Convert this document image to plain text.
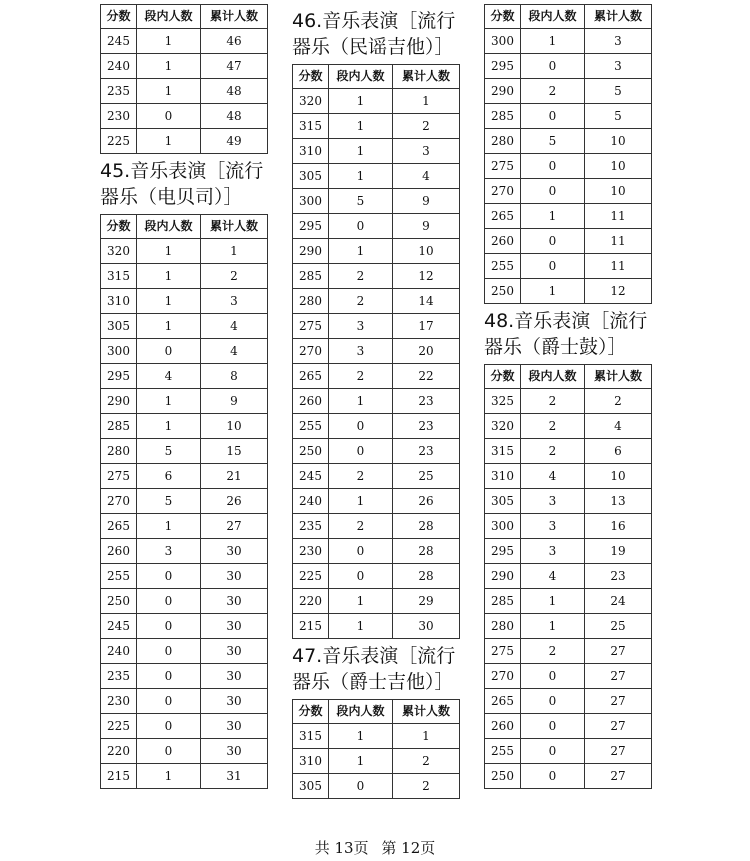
分数	段内人数	累计人数
245	1	46
240	1	47
235	1	48
230	0	48
225	1	49
45.音乐表演［流行器乐（电贝司）］
分数	段内人数	累计人数
320	1	1
315	1	2
310	1	3
305	1	4
300	0	4
295	4	8
290	1	9
285	1	10
280	5	15
275	6	21
270	5	26
265	1	27
260	3	30
255	0	30
250	0	30
245	0	30
240	0	30
235	0	30
230	0	30
225	0	30
220	0	30
215	1	31
46.音乐表演［流行器乐（民谣吉他）］
分数	段内人数	累计人数
320	1	1
315	1	2
310	1	3
305	1	4
300	5	9
295	0	9
290	1	10
285	2	12
280	2	14
275	3	17
270	3	20
265	2	22
260	1	23
255	0	23
250	0	23
245	2	25
240	1	26
235	2	28
230	0	28
225	0	28
220	1	29
215	1	30
47.音乐表演［流行器乐（爵士吉他）］
分数	段内人数	累计人数
315	1	1
310	1	2
305	0	2
分数	段内人数	累计人数
300	1	3
295	0	3
290	2	5
285	0	5
280	5	10
275	0	10
270	0	10
265	1	11
260	0	11
255	0	11
250	1	12
48.音乐表演［流行器乐（爵士鼓）］
分数	段内人数	累计人数
325	2	2
320	2	4
315	2	6
310	4	10
305	3	13
300	3	16
295	3	19
290	4	23
285	1	24
280	1	25
275	2	27
270	0	27
265	0	27
260	0	27
255	0	27
250	0	27
共 13页 第 12页
